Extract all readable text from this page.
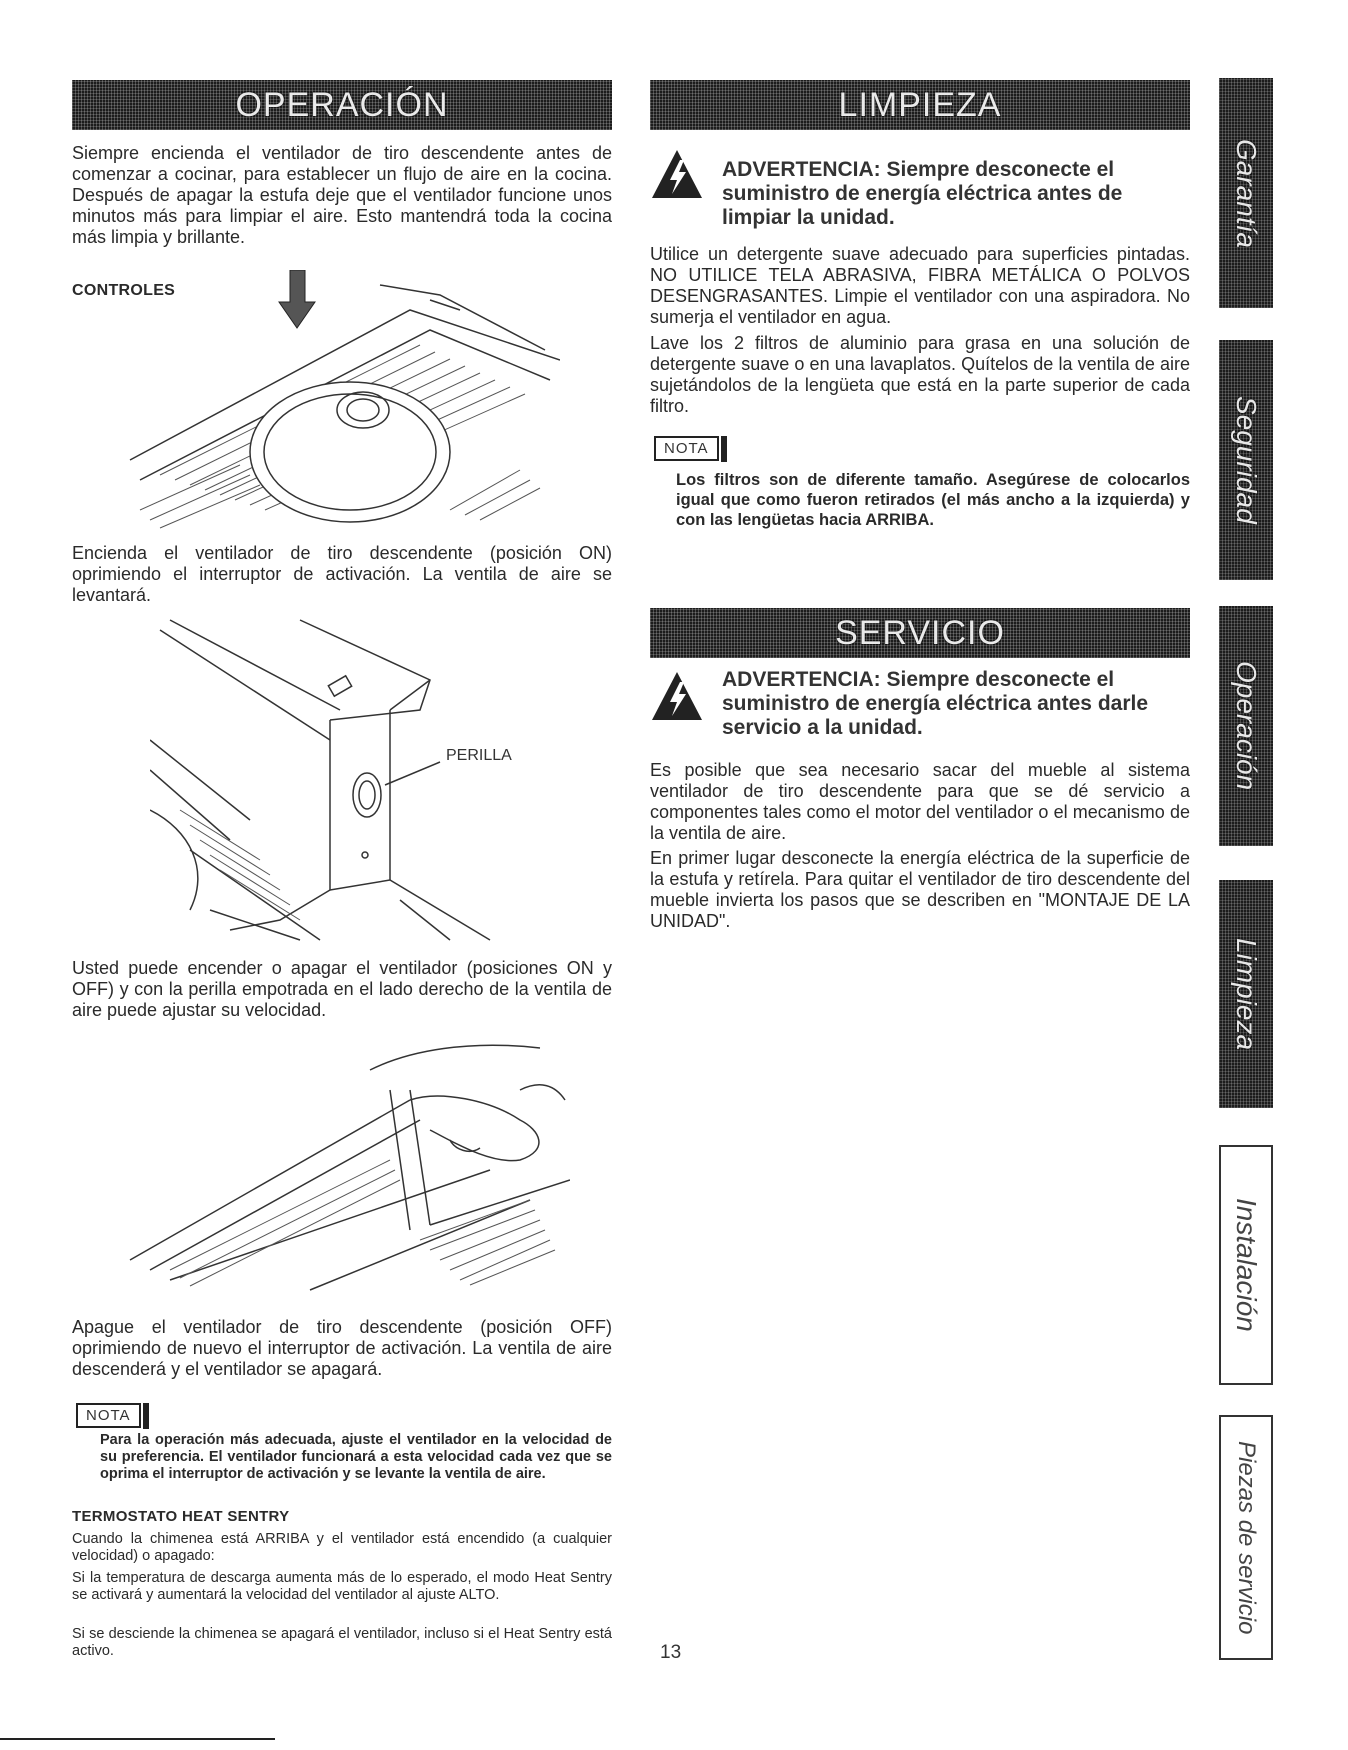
OPERACIÓN
Siempre encienda el ventilador de tiro descendente antes de comenzar a cocinar, para establecer un flujo de aire en la cocina. Después de apagar la estufa deje que el ventilador funcione unos minutos más para limpiar el aire. Esto mantendrá toda la cocina más limpia y brillante.
CONTROLES
Encienda el ventilador de tiro descendente (posición ON) oprimiendo el interruptor de activación. La ventila de aire se levantará.
PERILLA
Usted puede encender o apagar el ventilador (posiciones ON y OFF) y con la perilla empotrada en el lado derecho de la ventila de aire puede ajustar su velocidad.
Apague el ventilador de tiro descendente (posición OFF) oprimiendo de nuevo el interruptor de activación. La ventila de aire descenderá y el ventilador se apagará.
NOTA
Para la operación más adecuada, ajuste el ventilador en la velocidad de su preferencia. El ventilador funcionará a esta velocidad cada vez que se oprima el interruptor de activación y se levante la ventila de aire.
TERMOSTATO HEAT SENTRY
Cuando la chimenea está ARRIBA y el ventilador está encendido (a cualquier velocidad) o apagado:
Si la temperatura de descarga aumenta más de lo esperado, el modo Heat Sentry se activará y aumentará la velocidad del ventilador al ajuste ALTO.
Si se desciende la chimenea se apagará el ventilador, incluso si el Heat Sentry está activo.
LIMPIEZA
ADVERTENCIA: Siempre desconecte el suministro de energía eléctrica antes de limpiar la unidad.
Utilice un detergente suave adecuado para superficies pintadas. NO UTILICE TELA ABRASIVA, FIBRA METÁLICA O POLVOS DESENGRASANTES. Limpie el ventilador con una aspiradora. No sumerja el ventilador en agua.
Lave los 2 filtros de aluminio para grasa en una solución de detergente suave o en una lavaplatos. Quítelos de la ventila de aire sujetándolos de la lengüeta que está en la parte superior de cada filtro.
NOTA
Los filtros son de diferente tamaño. Asegúrese de colocarlos igual que como fueron retirados (el más ancho a la izquierda) y con las lengüetas hacia ARRIBA.
SERVICIO
ADVERTENCIA: Siempre desconecte el suministro de energía eléctrica antes darle servicio a la unidad.
Es posible que sea necesario sacar del mueble al sistema ventilador de tiro descendente para que se dé servicio a componentes tales como el motor del ventilador o el mecanismo de la ventila de aire.
En primer lugar desconecte la energía eléctrica de la superficie de la estufa y retírela. Para quitar el ventilador de tiro descendente del mueble invierta los pasos que se describen en "MONTAJE DE LA UNIDAD".
13
Garantía
Seguridad
Operación
Limpieza
Instalación
Piezas de servicio
